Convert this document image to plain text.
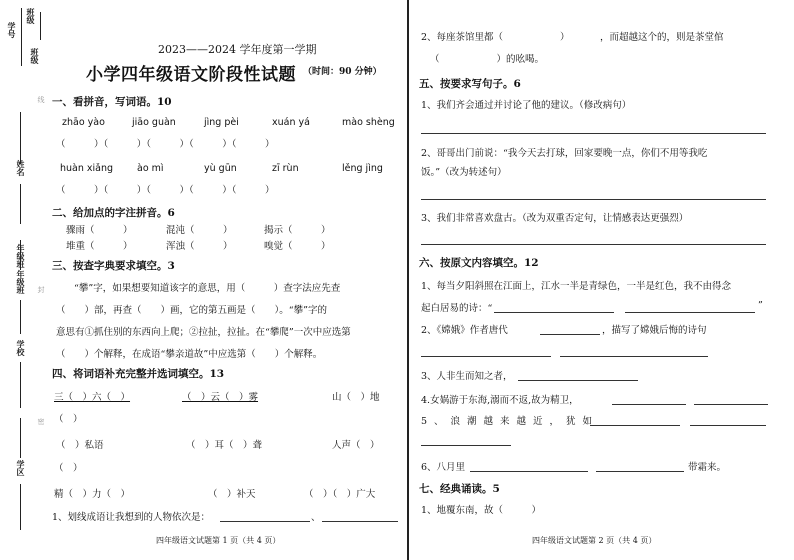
学号
班级
班级
线
姓名
年级班
年级班 封
学校
密
学区
2023——2024 学年度第一学期
小学四年级语文阶段性试题 （时间：90 分钟）
一、看拼音，写词语。10
zhāo yào	jiāo guàn	jìng pèi	xuán yá	mào shèng
（　　　）（　　　）（　　　）（　　　）（　　　）
huàn xiǎng	ào mì	yù gūn	zī rùn	lěng jìng
（　　　）（　　　）（　　　）（　　　）（　　　）
二、给加点的字注拼音。6
骤雨（　　　）	混沌（　　　）	揭示（　　　）
堆重（　　　）	浑浊（　　　）	嗅觉（　　　）
三、按查字典要求填空。3
“攀”字，如果想要知道该字的意思，用（　　　）查字法应先查
（　　）部，再查（　　）画，它的第五画是（　　）。“攀”字的
意思有①抓住别的东西向上爬；②拉扯，拉扯。在“攀爬”一次中应选第
（　　）个解释，在成语“攀亲道故”中应选第（　　）个解释。
四、将词语补充完整并选词填空。13
三（　）六（　）	（　）云（　）雾	山（　）地
（　）
（　）私语	（　）耳（　）聋	人声（　）
（　）
精（　）力（　）	（　）补天	（　）（　）广大
1、划线成语让我想到的人物依次是：	、
四年级语文试题第 1 页（共 4 页）
2、每座茶馆里都（　　　　　　）	，而超越这个的，则是茶堂倌
（　　　　　　）的吆喝。
五、按要求写句子。6
1、我们齐会通过并讨论了他的建议。（修改病句）
2、哥哥出门前说：“我今天去打球，回家要晚一点，你们不用等我吃
饭。”（改为转述句）
3、我们非常喜欢盘古。（改为双重否定句，让情感表达更强烈）
六、按原文内容填空。12
1、每当夕阳斜照在江面上，江水一半是青绿色，一半是红色，我不由得念
起白居易的诗：“	”
2、《嫦娥》作者唐代	，描写了嫦娥后悔的诗句
3、人非生而知之者，
4.女娲游于东海,溺而不返,故为精卫，
5、浪潮越来越近，犹如
6、八月里	带霜来。
七、经典诵读。5
1、地覆东南，故（　　　）
四年级语文试题第 2 页（共 4 页）
